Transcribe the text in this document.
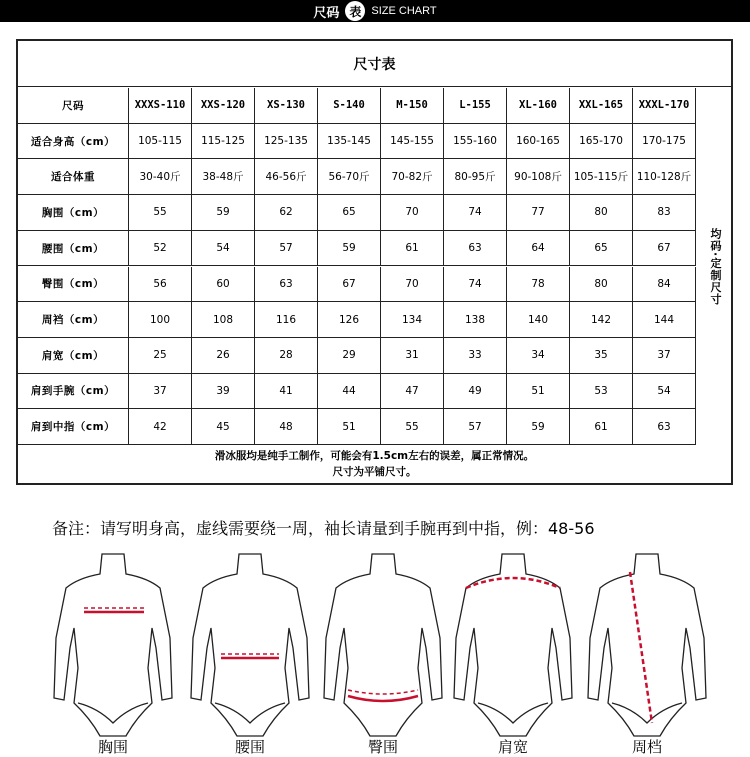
尺码 表 SIZE CHART
尺寸表
尺码	XXXS-110	XXS-120	XS-130	S-140	M-150	L-155	XL-160	XXL-165	XXXL-170
适合身高（cm）	105-115	115-125	125-135	135-145	145-155	155-160	160-165	165-170	170-175
适合体重	30-40斤	38-48斤	46-56斤	56-70斤	70-82斤	80-95斤	90-108斤	105-115斤 110-128斤
胸围（cm）	55	59	62	65	70	74	77	80	83
腰围（cm）	52	54	57	59	61	63	64	65	67
臀围（cm）	56	60	63	67	70	74	78	80	84
周裆（cm）	100	108	116	126	134	138	140	142	144
肩宽（cm）	25	26	28	29	31	33	34	35	37
肩到手腕（cm）	37	39	41	44	47	49	51	53	54
肩到中指（cm）	42	45	48	51	55	57	59	61	63
均码·定制尺寸
滑冰服均是纯手工制作，可能会有1.5cm左右的误差，属正常情况。
尺寸为平铺尺寸。
备注：请写明身高，虚线需要绕一周，袖长请量到手腕再到中指，例：48-56
胸围	腰围	臀围	肩宽	周档
